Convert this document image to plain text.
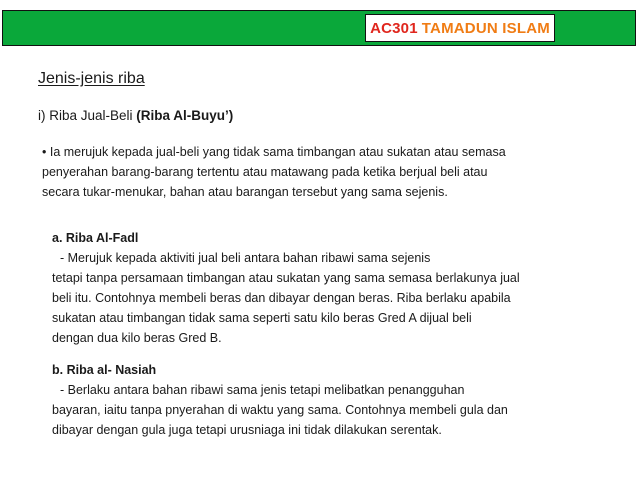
AC301 TAMADUN ISLAM
Jenis-jenis riba
i) Riba Jual-Beli (Riba Al-Buyu’)
• Ia merujuk kepada jual-beli yang tidak sama timbangan atau sukatan atau semasa
penyerahan barang-barang tertentu atau matawang pada ketika berjual beli atau
secara tukar-menukar, bahan atau barangan tersebut yang sama sejenis.
a. Riba Al-Fadl
- Merujuk kepada aktiviti jual beli antara bahan ribawi sama sejenis
tetapi tanpa persamaan timbangan atau sukatan yang sama semasa berlakunya jual
beli itu. Contohnya membeli beras dan dibayar dengan beras. Riba berlaku apabila
sukatan atau timbangan tidak sama seperti satu kilo beras Gred A dijual beli
dengan dua kilo beras Gred B.
b. Riba al- Nasiah
- Berlaku antara bahan ribawi sama jenis tetapi melibatkan penangguhan
bayaran, iaitu tanpa pnyerahan di waktu yang sama. Contohnya membeli gula dan
dibayar dengan gula juga tetapi urusniaga ini tidak dilakukan serentak.
